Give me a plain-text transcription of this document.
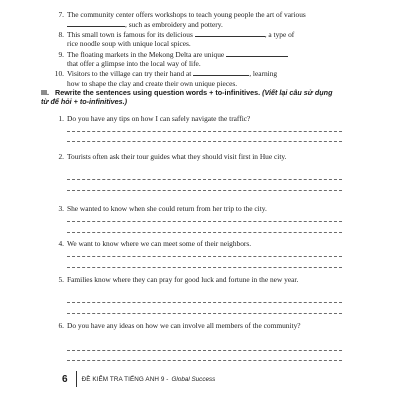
7. The community center offers workshops to teach young people the art of various , such as embroidery and pottery.
8. This small town is famous for its delicious	, a type of
rice noodle soup with unique local spices.
9. The floating markets in the Mekong Delta are unique
that offer a glimpse into the local way of life.
10. Visitors to the village can try their hand at	, learning
how to shape the clay and create their own unique pieces.
III. Rewrite the sentences using question words + to-infinitives. (Viết lại câu sử dụng từ để hỏi + to-infinitives.)
1. Do you have any tips on how I can safely navigate the traffic?
2. Tourists often ask their tour guides what they should visit first in Hue city.
3. She wanted to know when she could return from her trip to the city.
4. We want to know where we can meet some of their neighbors.
5. Families know where they can pray for good luck and fortune in the new year.
6. Do you have any ideas on how we can involve all members of the community?
6 ĐỀ KIỂM TRA TIẾNG ANH 9 - Global Success
